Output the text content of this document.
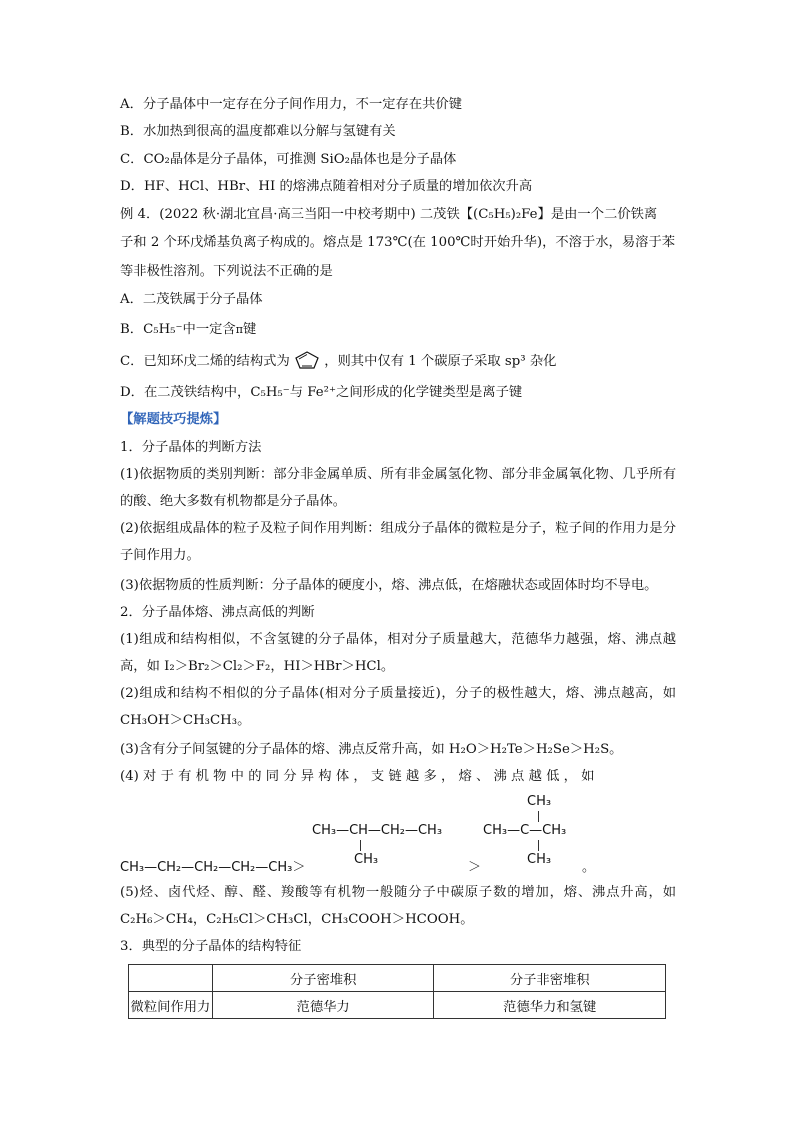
A．分子晶体中一定存在分子间作用力，不一定存在共价键
B．水加热到很高的温度都难以分解与氢键有关
C．CO₂晶体是分子晶体，可推测 SiO₂晶体也是分子晶体
D．HF、HCl、HBr、HI 的熔沸点随着相对分子质量的增加依次升高
例 4．(2022 秋·湖北宜昌·高三当阳一中校考期中) 二茂铁【(C₅H₅)₂Fe】是由一个二价铁离
子和 2 个环戊烯基负离子构成的。熔点是 173℃(在 100℃时开始升华)，不溶于水，易溶于苯
等非极性溶剂。下列说法不正确的是
A．二茂铁属于分子晶体
B．C₅H₅⁻中一定含π键
C．已知环戊二烯的结构式为	，则其中仅有 1 个碳原子采取 sp³ 杂化
D．在二茂铁结构中，C₅H₅⁻与 Fe²⁺之间形成的化学键类型是离子键
【解题技巧提炼】
1．分子晶体的判断方法
(1)依据物质的类别判断：部分非金属单质、所有非金属氢化物、部分非金属氧化物、几乎所有的酸、绝大多数有机物都是分子晶体。
(2)依据组成晶体的粒子及粒子间作用判断：组成分子晶体的微粒是分子，粒子间的作用力是分子间作用力。
(3)依据物质的性质判断：分子晶体的硬度小，熔、沸点低，在熔融状态或固体时均不导电。
2．分子晶体熔、沸点高低的判断
(1)组成和结构相似，不含氢键的分子晶体，相对分子质量越大，范德华力越强，熔、沸点越高，如 I₂＞Br₂＞Cl₂＞F₂，HI＞HBr＞HCl。
(2)组成和结构不相似的分子晶体(相对分子质量接近)，分子的极性越大，熔、沸点越高，如 CH₃OH＞CH₃CH₃。
(3)含有分子间氢键的分子晶体的熔、沸点反常升高，如 H₂O＞H₂Te＞H₂Se＞H₂S。
(4) 对 于 有 机 物 中 的 同 分 异 构 体 ， 支 链 越 多 ， 熔 、 沸 点 越 低 ， 如
CH₃—CH₂—CH₂—CH₂—CH₃＞
CH₃—CH—CH₂—CH₃
CH₃
＞
CH₃
CH₃—C—CH₃
CH₃
。
(5)烃、卤代烃、醇、醛、羧酸等有机物一般随分子中碳原子数的增加，熔、沸点升高，如 C₂H₆＞CH₄，C₂H₅Cl＞CH₃Cl，CH₃COOH＞HCOOH。
3．典型的分子晶体的结构特征
	分子密堆积	分子非密堆积
微粒间作用力	范德华力	范德华力和氢键
